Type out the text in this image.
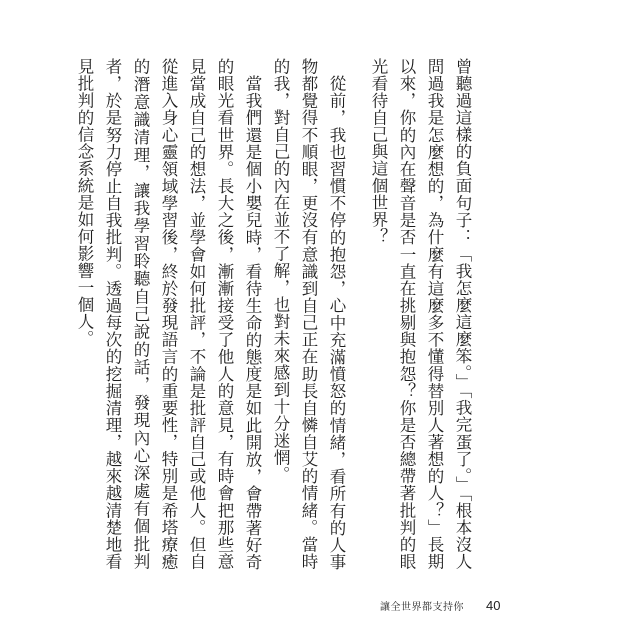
曾聽過這樣的負面句子：「我怎麼這麼笨。」「我完蛋了。」「根本沒人問過我是怎麼想的，為什麼有這麼多不懂得替別人著想的人？」長期以來，你的內在聲音是否一直在挑剔與抱怨？你是否總帶著批判的眼光看待自己與這個世界？

從前，我也習慣不停的抱怨，心中充滿憤怒的情緒，看所有的人事物都覺得不順眼，更沒有意識到自己正在助長自憐自艾的情緒。當時的我，對自己的內在並不了解，也對未來感到十分迷惘。

當我們還是個小嬰兒時，看待生命的態度是如此開放，會帶著好奇的眼光看世界。長大之後，漸漸接受了他人的意見，有時會把那些意見當成自己的想法，並學會如何批評，不論是批評自己或他人。但自從進入身心靈領域學習後，終於發現語言的重要性，特別是希塔療癒的潛意識清理，讓我學習聆聽自己說的話，發現內心深處有個批判者，於是努力停止自我批判。透過每次的挖掘清理，越來越清楚地看見批判的信念系統是如何影響一個人。

讓全世界都支持你 40
